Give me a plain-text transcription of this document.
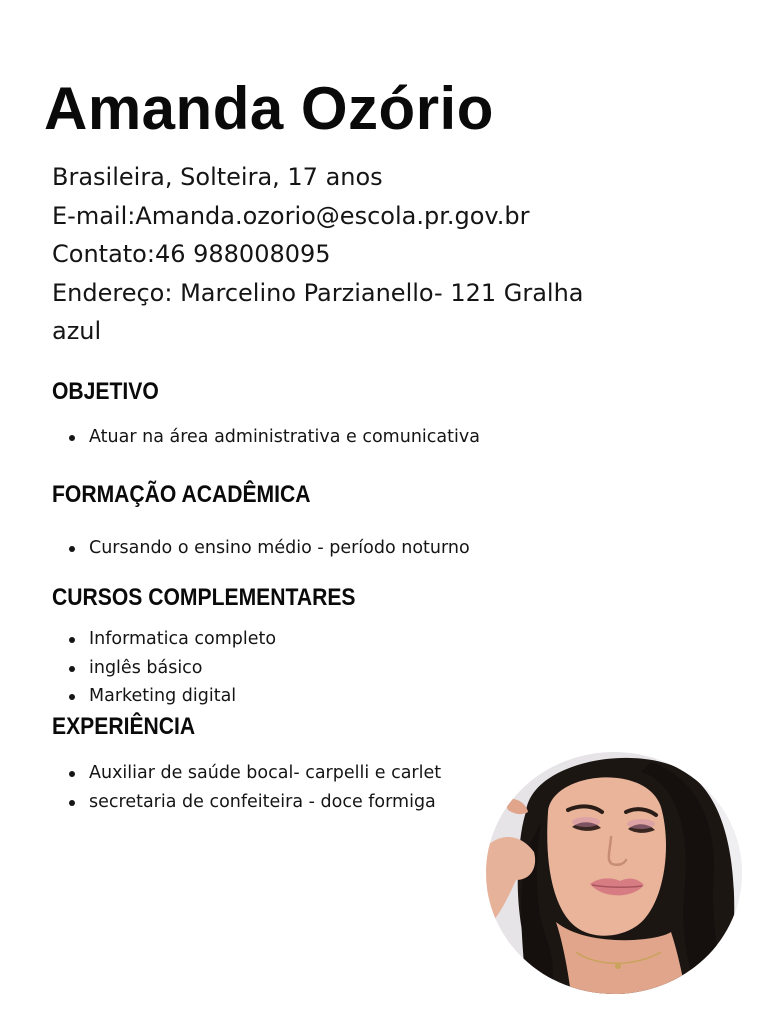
Amanda Ozório
Brasileira, Solteira, 17 anos
E-mail:Amanda.ozorio@escola.pr.gov.br
Contato:46 988008095
Endereço: Marcelino Parzianello- 121 Gralha
azul
OBJETIVO
Atuar na área administrativa e comunicativa
FORMAÇÃO ACADÊMICA
Cursando o ensino médio - período noturno
CURSOS COMPLEMENTARES
Informatica completo
inglês básico
Marketing digital
EXPERIÊNCIA
Auxiliar de saúde bocal- carpelli e carlet
secretaria de confeiteira - doce formiga
